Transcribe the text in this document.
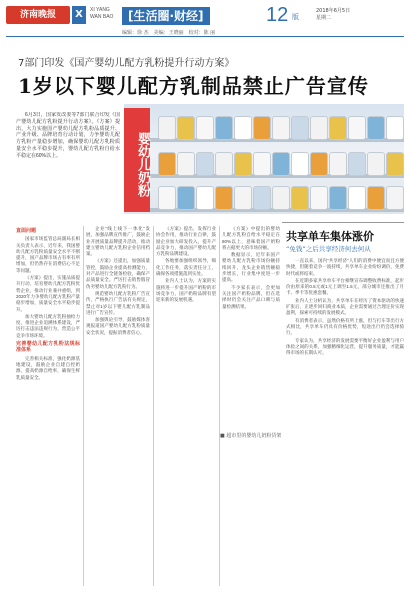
济南晚报	X	XI YANG
WAN BAO	[生活圈·财经]	12 版
2018年6月5日
星期二
编辑：徐 杰　美编：王晓丽　校对：陈 丽
7部门印发《国产婴幼儿配方乳粉提升行动方案》
1岁以下婴儿配方乳制品禁止广告宣传
婴幼儿奶粉

6月3日，国家发改委等7部门联合印发《国产婴幼儿配方乳粉提升行动方案》。《方案》提出，大力实施国产婴幼儿配方乳粉品质提升、产业升级、品牌培育行动计划，力争婴幼儿配方乳粉产量稳步增加，确保婴幼儿配方乳粉质量安全水平稳步提升，婴幼儿配方乳粉自给水平稳定在60%以上。

直面问题

国家市场监管总局副局长相关负责人表示，近年来，我国婴幼儿配方乳粉质量安全水平不断提升，国产品牌市场占有率有所增加，但仍然存在消费信心不足等问题。

《方案》提出，实施品质提升行动，培育婴幼儿配方乳粉优势企业，推动行业兼并重组，到2020年力争婴幼儿配方乳粉产量稳步增加，质量安全水平稳步提升。

加大婴幼儿配方乳粉抽检力度，推进企业追溯体系建设，严厉打击违法违规行为，营造公平竞争市场环境。

完善婴幼儿配方乳粉法规标准体系

完善相关标准，强化奶源基地建设，鼓励企业自建自控奶源，提高奶源自给率，确保生鲜乳质量安全。

企业“线上线下一体化”发展，加强品牌宣传推广，鼓励企业开展质量品牌提升活动，推动建立婴幼儿配方乳粉企业信用档案。

《方案》还提出，加强质量管控，鼓励企业提高检测能力，对产品进行全链条检验，确保产品质量安全。严厉打击销售假冒伪劣婴幼儿配方乳粉行为。

规范婴幼儿配方乳粉广告宣传，严格执行广告法有关规定，禁止对1岁以下婴儿配方乳制品进行广告宣传。

加强舆论引导，鼓励媒体客观报道国产婴幼儿配方乳粉质量安全状况，提振消费者信心。

《方案》提出，发挥行业协会作用，推动行业自律，鼓励企业加大研发投入，提升产品竞争力，推动国产婴幼儿配方乳粉品牌建设。

各地要加强组织领导，细化工作任务，落实责任分工，确保各项措施落到实处。

业内人士认为，方案的实施将进一步提升国产奶粉的市场竞争力，国产奶粉品牌有望迎来新的发展机遇。

《方案》中提出的婴幼儿配方乳粉自给水平稳定在60%以上，意味着国产奶粉将占据更大的市场份额。

数据显示，近年来国产婴幼儿配方乳粉市场份额持续回升，龙头企业销售额稳步增长，行业集中度进一步提高。

不少家长表示，会更加关注国产奶粉品牌，但在选择时仍会关注产品口碑与质量检测结果。

■ 超市里的婴幼儿奶粉货架
共享单车集体涨价
“免钱”之后共享经济何去何从

一直以来，国内“共享经济”人们的消费中便宜而且方便快捷，但随着竞争一波持续，共享单车企业纷纷调价，免费时代或将结束。

在近期多家共享单车平台相继宣布调整收费标准，起步价由原来的0.5元或1元上调至1.5元，部分城市还推出了月卡、季卡等优惠套餐。

业内人士分析认为，共享单车在经历了资本驱动的快速扩张后，正逐步回归商业本质，企业需要通过合理定价实现盈利，探索可持续的发展模式。

有消费者表示，虽然价格有所上涨，但与打车等出行方式相比，共享单车仍具有价格优势，短途出行仍会选择骑行。

专家认为，共享经济的发展需要平衡好企业盈利与用户体验之间的关系，加强精细化运营，提升服务质量，才能赢得市场的长期认可。
